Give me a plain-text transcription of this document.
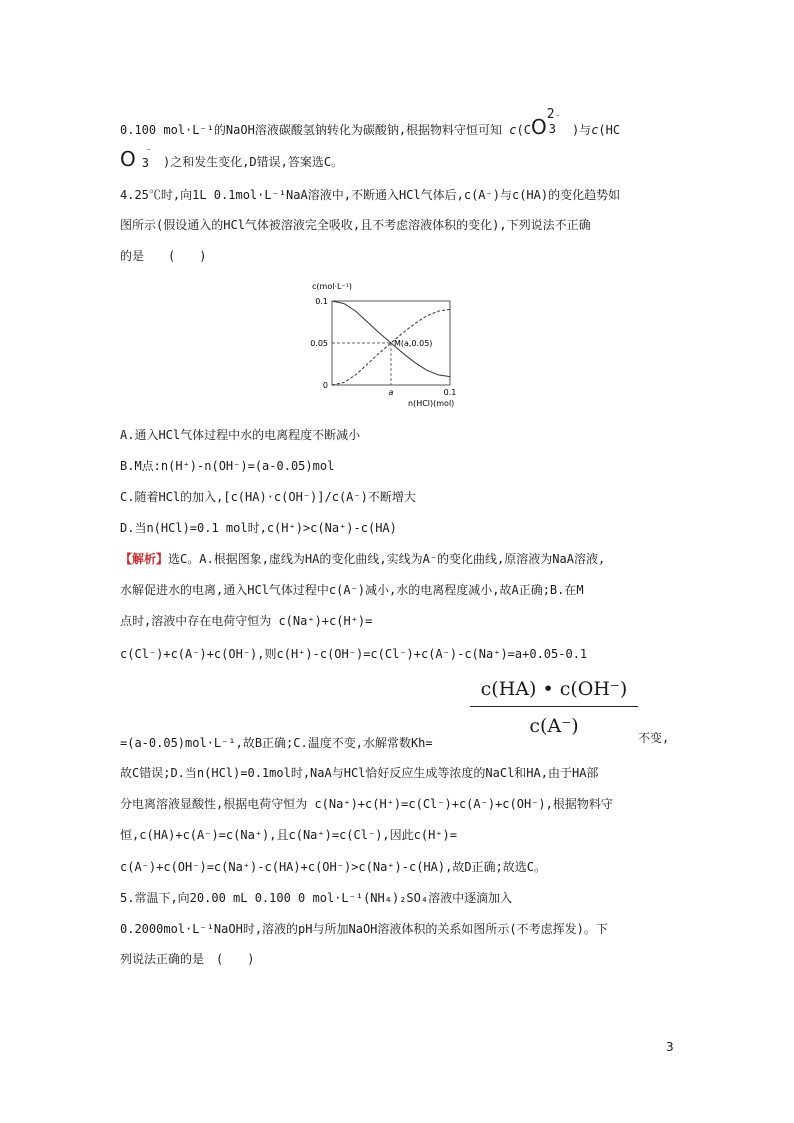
0.100 mol·L⁻¹的NaOH溶液碳酸氢钠转化为碳酸钠,根据物料守恒可知 c(CO
2
3
⁻
)与c(HC
O 3
⁻
)之和发生变化,D错误,答案选C。
4.25℃时,向1L 0.1mol·L⁻¹NaA溶液中,不断通入HCl气体后,c(A⁻)与c(HA)的变化趋势如
图所示(假设通入的HCl气体被溶液完全吸收,且不考虑溶液体积的变化),下列说法不正确
的是　　(　　)
c(mol·L⁻¹)
0.1
0.05
0
a	0.1
M(a,0.05)
n(HCl)(mol)
A.通入HCl气体过程中水的电离程度不断减小
B.M点:n(H⁺)-n(OH⁻)=(a-0.05)mol
C.随着HCl的加入,[c(HA)·c(OH⁻)]/c(A⁻)不断增大
D.当n(HCl)=0.1 mol时,c(H⁺)>c(Na⁺)-c(HA)
【解析】选C。A.根据图象,虚线为HA的变化曲线,实线为A⁻的变化曲线,原溶液为NaA溶液,
水解促进水的电离,通入HCl气体过程中c(A⁻)减小,水的电离程度减小,故A正确;B.在M
点时,溶液中存在电荷守恒为 c(Na⁺)+c(H⁺)=
c(Cl⁻)+c(A⁻)+c(OH⁻),则c(H⁺)-c(OH⁻)=c(Cl⁻)+c(A⁻)-c(Na⁺)=a+0.05-0.1
c(HA) • c(OH⁻)
c(A⁻)
=(a-0.05)mol·L⁻¹,故B正确;C.温度不变,水解常数Kh=	不变,
故C错误;D.当n(HCl)=0.1mol时,NaA与HCl恰好反应生成等浓度的NaCl和HA,由于HA部
分电离溶液显酸性,根据电荷守恒为 c(Na⁺)+c(H⁺)=c(Cl⁻)+c(A⁻)+c(OH⁻),根据物料守
恒,c(HA)+c(A⁻)=c(Na⁺),且c(Na⁺)=c(Cl⁻),因此c(H⁺)=
c(A⁻)+c(OH⁻)=c(Na⁺)-c(HA)+c(OH⁻)>c(Na⁺)-c(HA),故D正确;故选C。
5.常温下,向20.00 mL 0.100 0 mol·L⁻¹(NH₄)₂SO₄溶液中逐滴加入
0.2000mol·L⁻¹NaOH时,溶液的pH与所加NaOH溶液体积的关系如图所示(不考虑挥发)。下
列说法正确的是　(　　)
3
